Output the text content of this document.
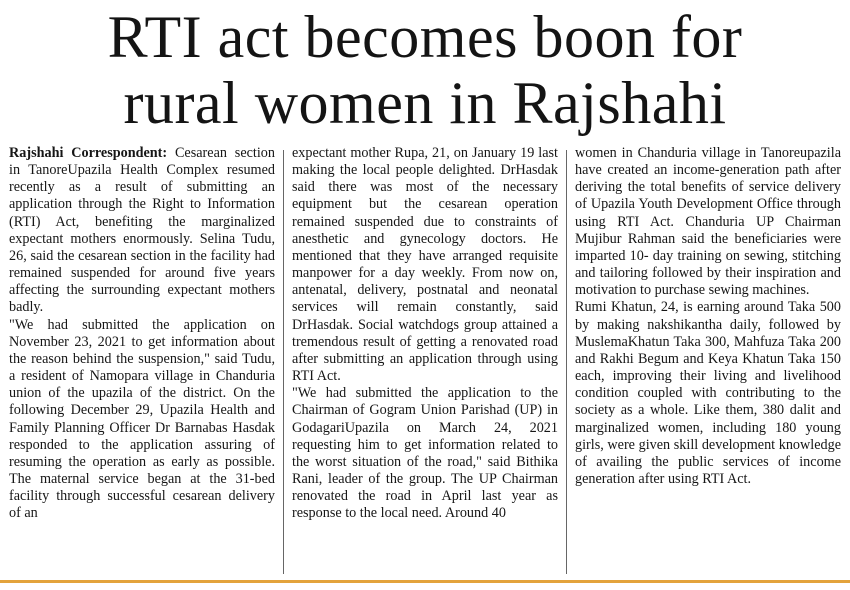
RTI act becomes boon for
rural women in Rajshahi

Rajshahi Correspondent: Cesarean section in TanoreUpazila Health Complex resumed recently as a result of submitting an application through the Right to Information (RTI) Act, benefiting the marginalized expectant mothers enormously. Selina Tudu, 26, said the cesarean section in the facility had remained suspended for around five years affecting the surrounding expectant mothers badly.

"We had submitted the application on November 23, 2021 to get information about the reason behind the suspension," said Tudu, a resident of Namopara village in Chanduria union of the upazila of the district. On the following December 29, Upazila Health and Family Planning Officer Dr Barnabas Hasdak responded to the application assuring of resuming the operation as early as possible. The maternal service began at the 31-bed facility through successful cesarean delivery of an

expectant mother Rupa, 21, on January 19 last making the local people delighted. DrHasdak said there was most of the necessary equipment but the cesarean operation remained suspended due to constraints of anesthetic and gynecology doctors. He mentioned that they have arranged requisite manpower for a day weekly. From now on, antenatal, delivery, postnatal and neonatal services will remain constantly, said DrHasdak. Social watchdogs group attained a tremendous result of getting a renovated road after submitting an application through using RTI Act.

"We had submitted the application to the Chairman of Gogram Union Parishad (UP) in GodagariUpazila on March 24, 2021 requesting him to get information related to the worst situation of the road," said Bithika Rani, leader of the group. The UP Chairman renovated the road in April last year as response to the local need. Around 40

women in Chanduria village in Tanoreupazila have created an income-generation path after deriving the total benefits of service delivery of Upazila Youth Development Office through using RTI Act. Chanduria UP Chairman Mujibur Rahman said the beneficiaries were imparted 10- day training on sewing, stitching and tailoring followed by their inspiration and motivation to purchase sewing machines.

Rumi Khatun, 24, is earning around Taka 500 by making nakshikantha daily, followed by MuslemaKhatun Taka 300, Mahfuza Taka 200 and Rakhi Begum and Keya Khatun Taka 150 each, improving their living and livelihood condition coupled with contributing to the society as a whole. Like them, 380 dalit and marginalized women, including 180 young girls, were given skill development knowledge of availing the public services of income generation after using RTI Act.
